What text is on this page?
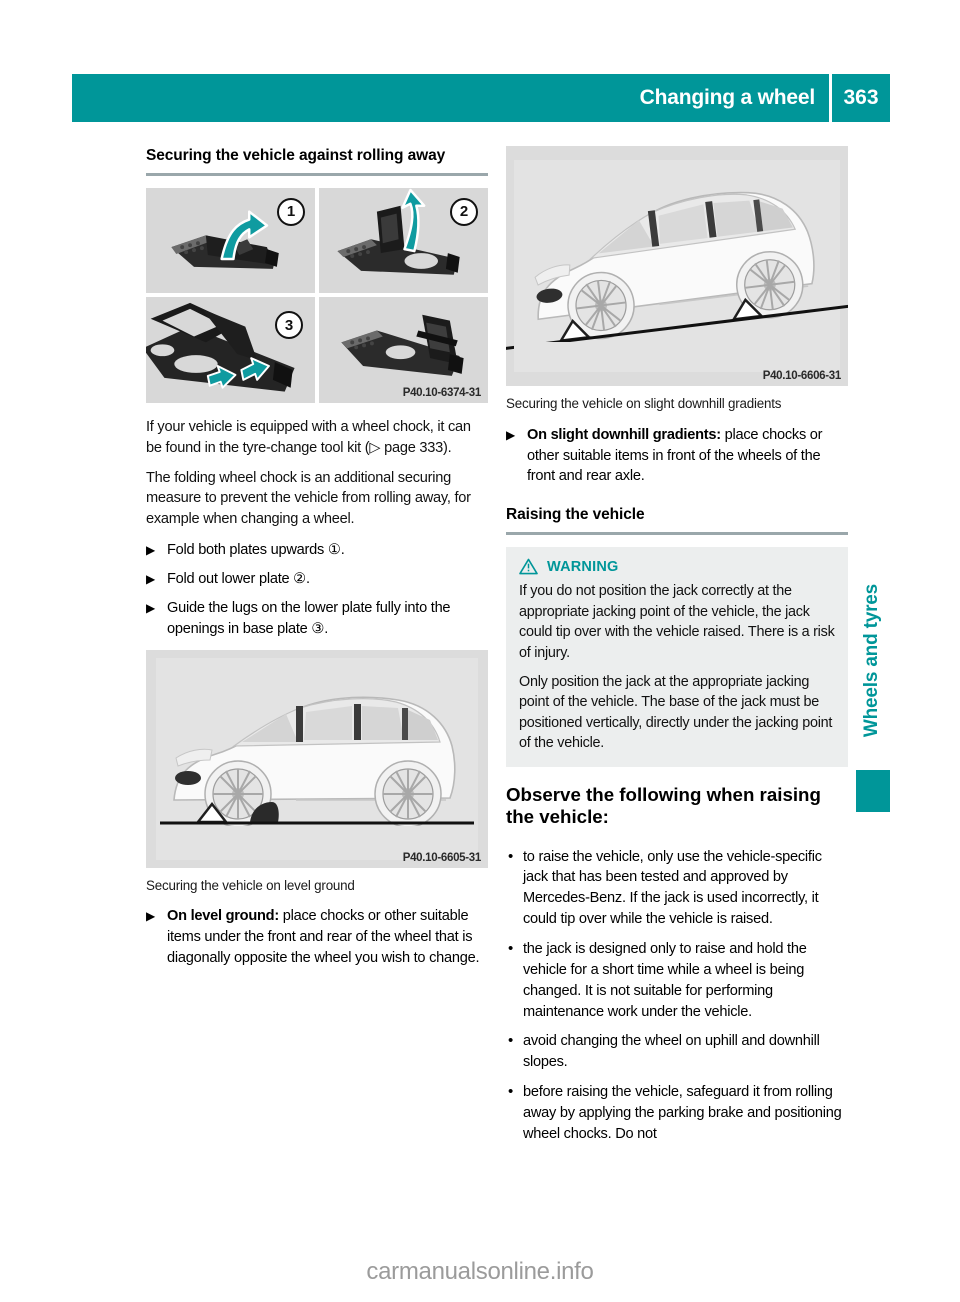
Changing a wheel	363
Securing the vehicle against rolling away
1	2
3
P40.10-6374-31

If your vehicle is equipped with a wheel chock, it can be found in the tyre-change tool kit (▷ page 333).

The folding wheel chock is an additional securing measure to prevent the vehicle from rolling away, for example when changing a wheel.

▶ Fold both plates upwards ①.
▶ Fold out lower plate ②.
▶ Guide the lugs on the lower plate fully into the openings in base plate ③.
P40.10-6605-31
Securing the vehicle on level ground
▶ On level ground: place chocks or other suitable items under the front and rear of the wheel that is diagonally opposite the wheel you wish to change.
P40.10-6606-31
Securing the vehicle on slight downhill gradients
▶ On slight downhill gradients: place chocks or other suitable items in front of the wheels of the front and rear axle.
Raising the vehicle
WARNING

If you do not position the jack correctly at the appropriate jacking point of the vehicle, the jack could tip over with the vehicle raised. There is a risk of injury.

Only position the jack at the appropriate jacking point of the vehicle. The base of the jack must be positioned vertically, directly under the jacking point of the vehicle.

Observe the following when raising the vehicle:
• to raise the vehicle, only use the vehicle-specific jack that has been tested and approved by Mercedes-Benz. If the jack is used incorrectly, it could tip over while the vehicle is raised.
• the jack is designed only to raise and hold the vehicle for a short time while a wheel is being changed. It is not suitable for performing maintenance work under the vehicle.
• avoid changing the wheel on uphill and downhill slopes.
• before raising the vehicle, safeguard it from rolling away by applying the parking brake and positioning wheel chocks. Do not
Wheels and tyres
carmanualsonline.info
